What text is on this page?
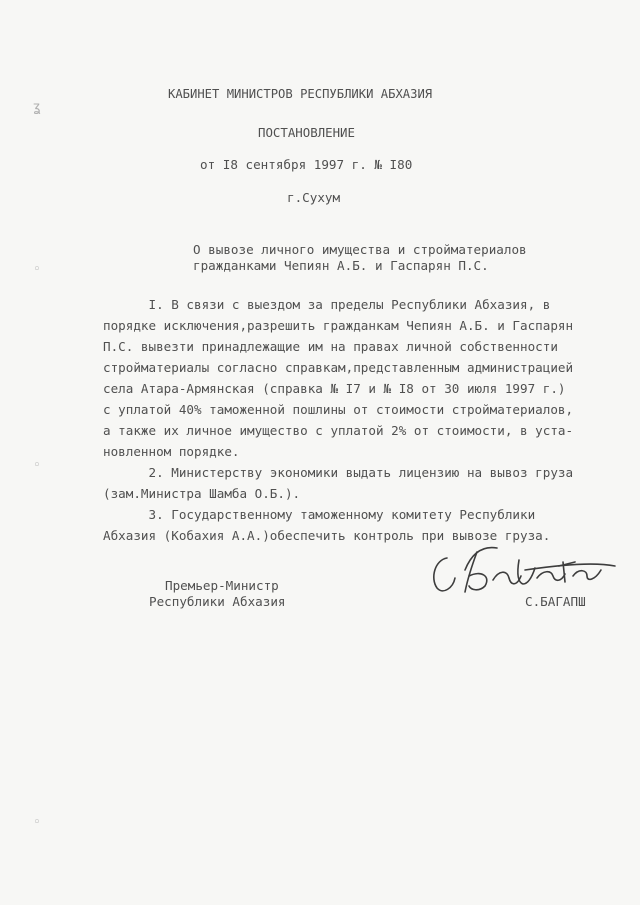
ʓ
◦
◦
◦
КАБИНЕТ МИНИСТРОВ РЕСПУБЛИКИ АБХАЗИЯ
ПОСТАНОВЛЕНИЕ
от I8 сентября 1997 г. № I80
г.Сухум
О вывозе личного имущества и стройматериалов
гражданками Чепиян А.Б. и Гаспарян П.С.
I. В связи с выездом за пределы Республики Абхазия, в
порядке исключения,разрешить гражданкам Чепиян А.Б. и Гаспарян
П.С. вывезти принадлежащие им на правах личной собственности
стройматериалы согласно справкам,представленным администрацией
села Атара-Армянская (справка № I7 и № I8 от 30 июля 1997 г.)
с уплатой 40% таможенной пошлины от стоимости стройматериалов,
а также их личное имущество с уплатой 2% от стоимости, в уста-
новленном порядке.
2. Министерству экономики выдать лицензию на вывоз груза
(зам.Министра Шамба О.Б.).
3. Государственному таможенному комитету Республики
Абхазия (Кобахия А.А.)обеспечить контроль при вывозе груза.
Премьер-Министр
Республики Абхазия	С.БАГАПШ
